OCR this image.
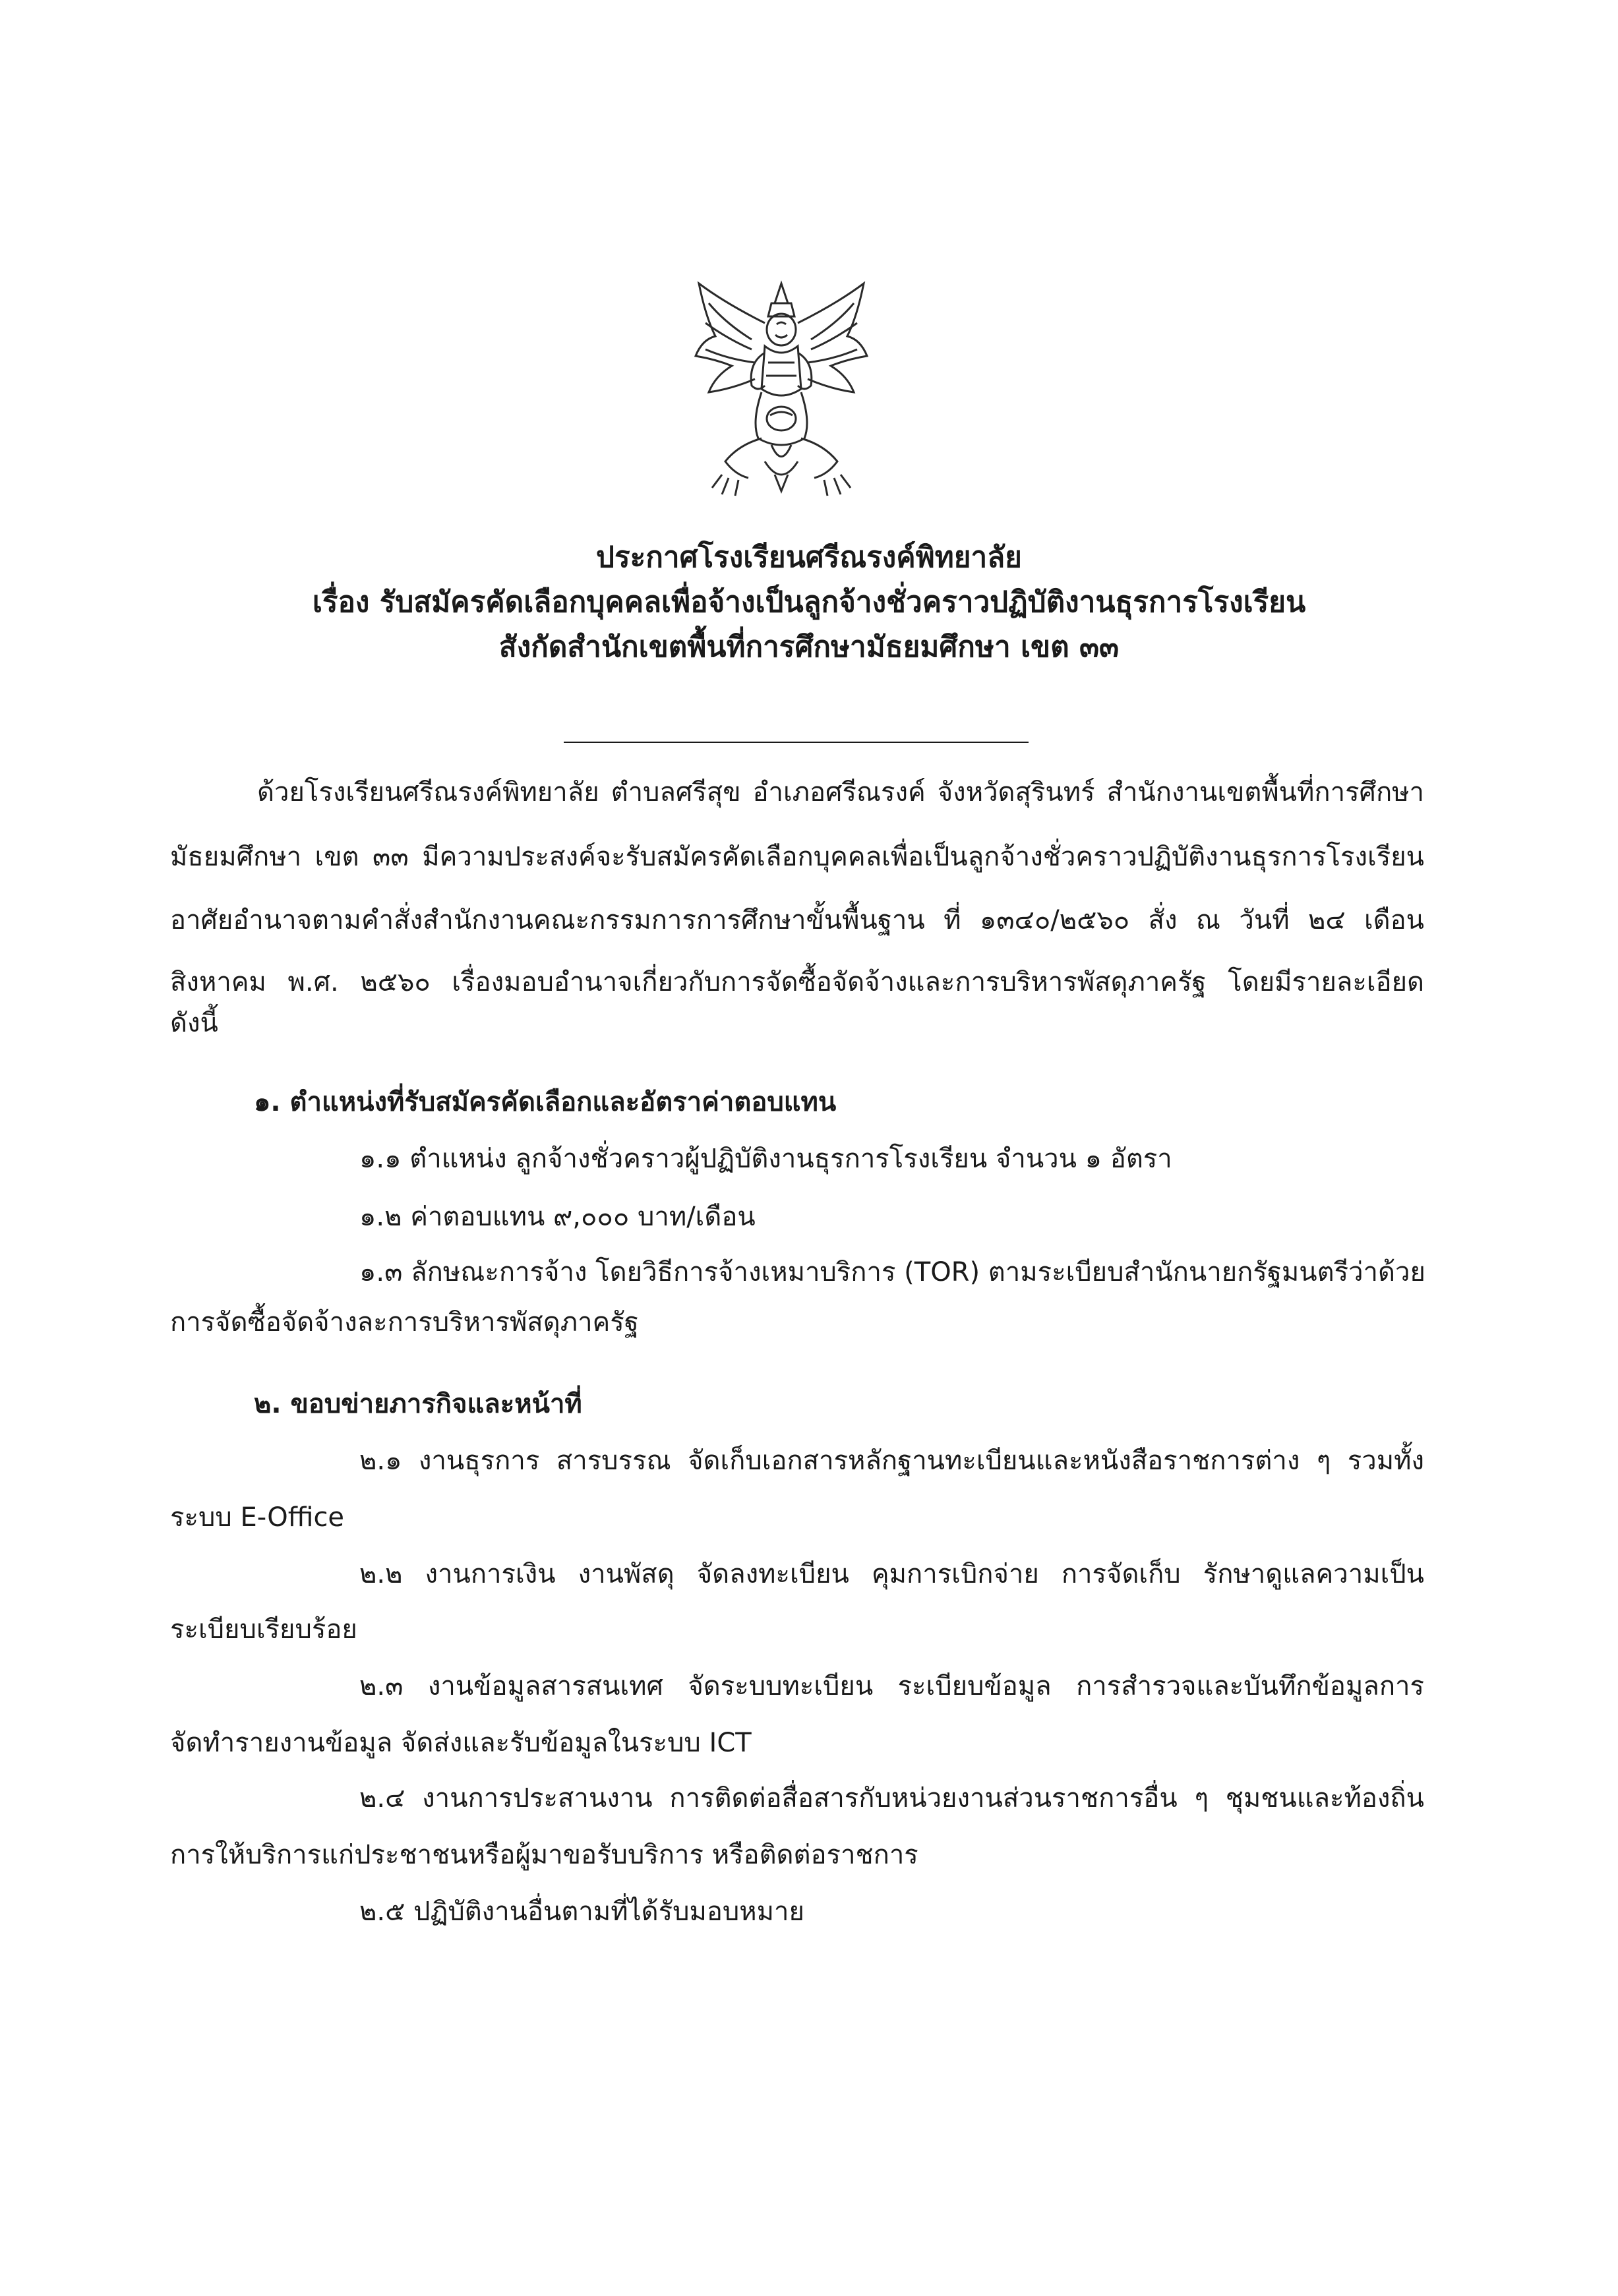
ประกาศโรงเรียนศรีณรงค์พิทยาลัย
เรื่อง รับสมัครคัดเลือกบุคคลเพื่อจ้างเป็นลูกจ้างชั่วคราวปฏิบัติงานธุรการโรงเรียน
สังกัดสำนักเขตพื้นที่การศึกษามัธยมศึกษา เขต ๓๓
ด้วยโรงเรียนศรีณรงค์พิทยาลัย ตำบลศรีสุข อำเภอศรีณรงค์ จังหวัดสุรินทร์ สำนักงานเขตพื้นที่การศึกษา
มัธยมศึกษา เขต ๓๓ มีความประสงค์จะรับสมัครคัดเลือกบุคคลเพื่อเป็นลูกจ้างชั่วคราวปฏิบัติงานธุรการโรงเรียน
อาศัยอำนาจตามคำสั่งสำนักงานคณะกรรมการการศึกษาขั้นพื้นฐาน ที่ ๑๓๔๐/๒๕๖๐ สั่ง ณ วันที่ ๒๔ เดือน
สิงหาคม พ.ศ. ๒๕๖๐ เรื่องมอบอำนาจเกี่ยวกับการจัดซื้อจัดจ้างและการบริหารพัสดุภาครัฐ โดยมีรายละเอียด
ดังนี้
๑. ตำแหน่งที่รับสมัครคัดเลือกและอัตราค่าตอบแทน
๑.๑ ตำแหน่ง ลูกจ้างชั่วคราวผู้ปฏิบัติงานธุรการโรงเรียน จำนวน ๑ อัตรา
๑.๒ ค่าตอบแทน ๙,๐๐๐ บาท/เดือน
๑.๓ ลักษณะการจ้าง โดยวิธีการจ้างเหมาบริการ (TOR) ตามระเบียบสำนักนายกรัฐมนตรีว่าด้วย
การจัดซื้อจัดจ้างละการบริหารพัสดุภาครัฐ
๒. ขอบข่ายภารกิจและหน้าที่
๒.๑ งานธุรการ สารบรรณ จัดเก็บเอกสารหลักฐานทะเบียนและหนังสือราชการต่าง ๆ รวมทั้ง
ระบบ E-Office
๒.๒ งานการเงิน งานพัสดุ จัดลงทะเบียน คุมการเบิกจ่าย การจัดเก็บ รักษาดูแลความเป็น
ระเบียบเรียบร้อย
๒.๓ งานข้อมูลสารสนเทศ จัดระบบทะเบียน ระเบียบข้อมูล การสำรวจและบันทึกข้อมูลการ
จัดทำรายงานข้อมูล จัดส่งและรับข้อมูลในระบบ ICT
๒.๔ งานการประสานงาน การติดต่อสื่อสารกับหน่วยงานส่วนราชการอื่น ๆ ชุมชนและท้องถิ่น
การให้บริการแก่ประชาชนหรือผู้มาขอรับบริการ หรือติดต่อราชการ
๒.๕ ปฏิบัติงานอื่นตามที่ได้รับมอบหมาย
